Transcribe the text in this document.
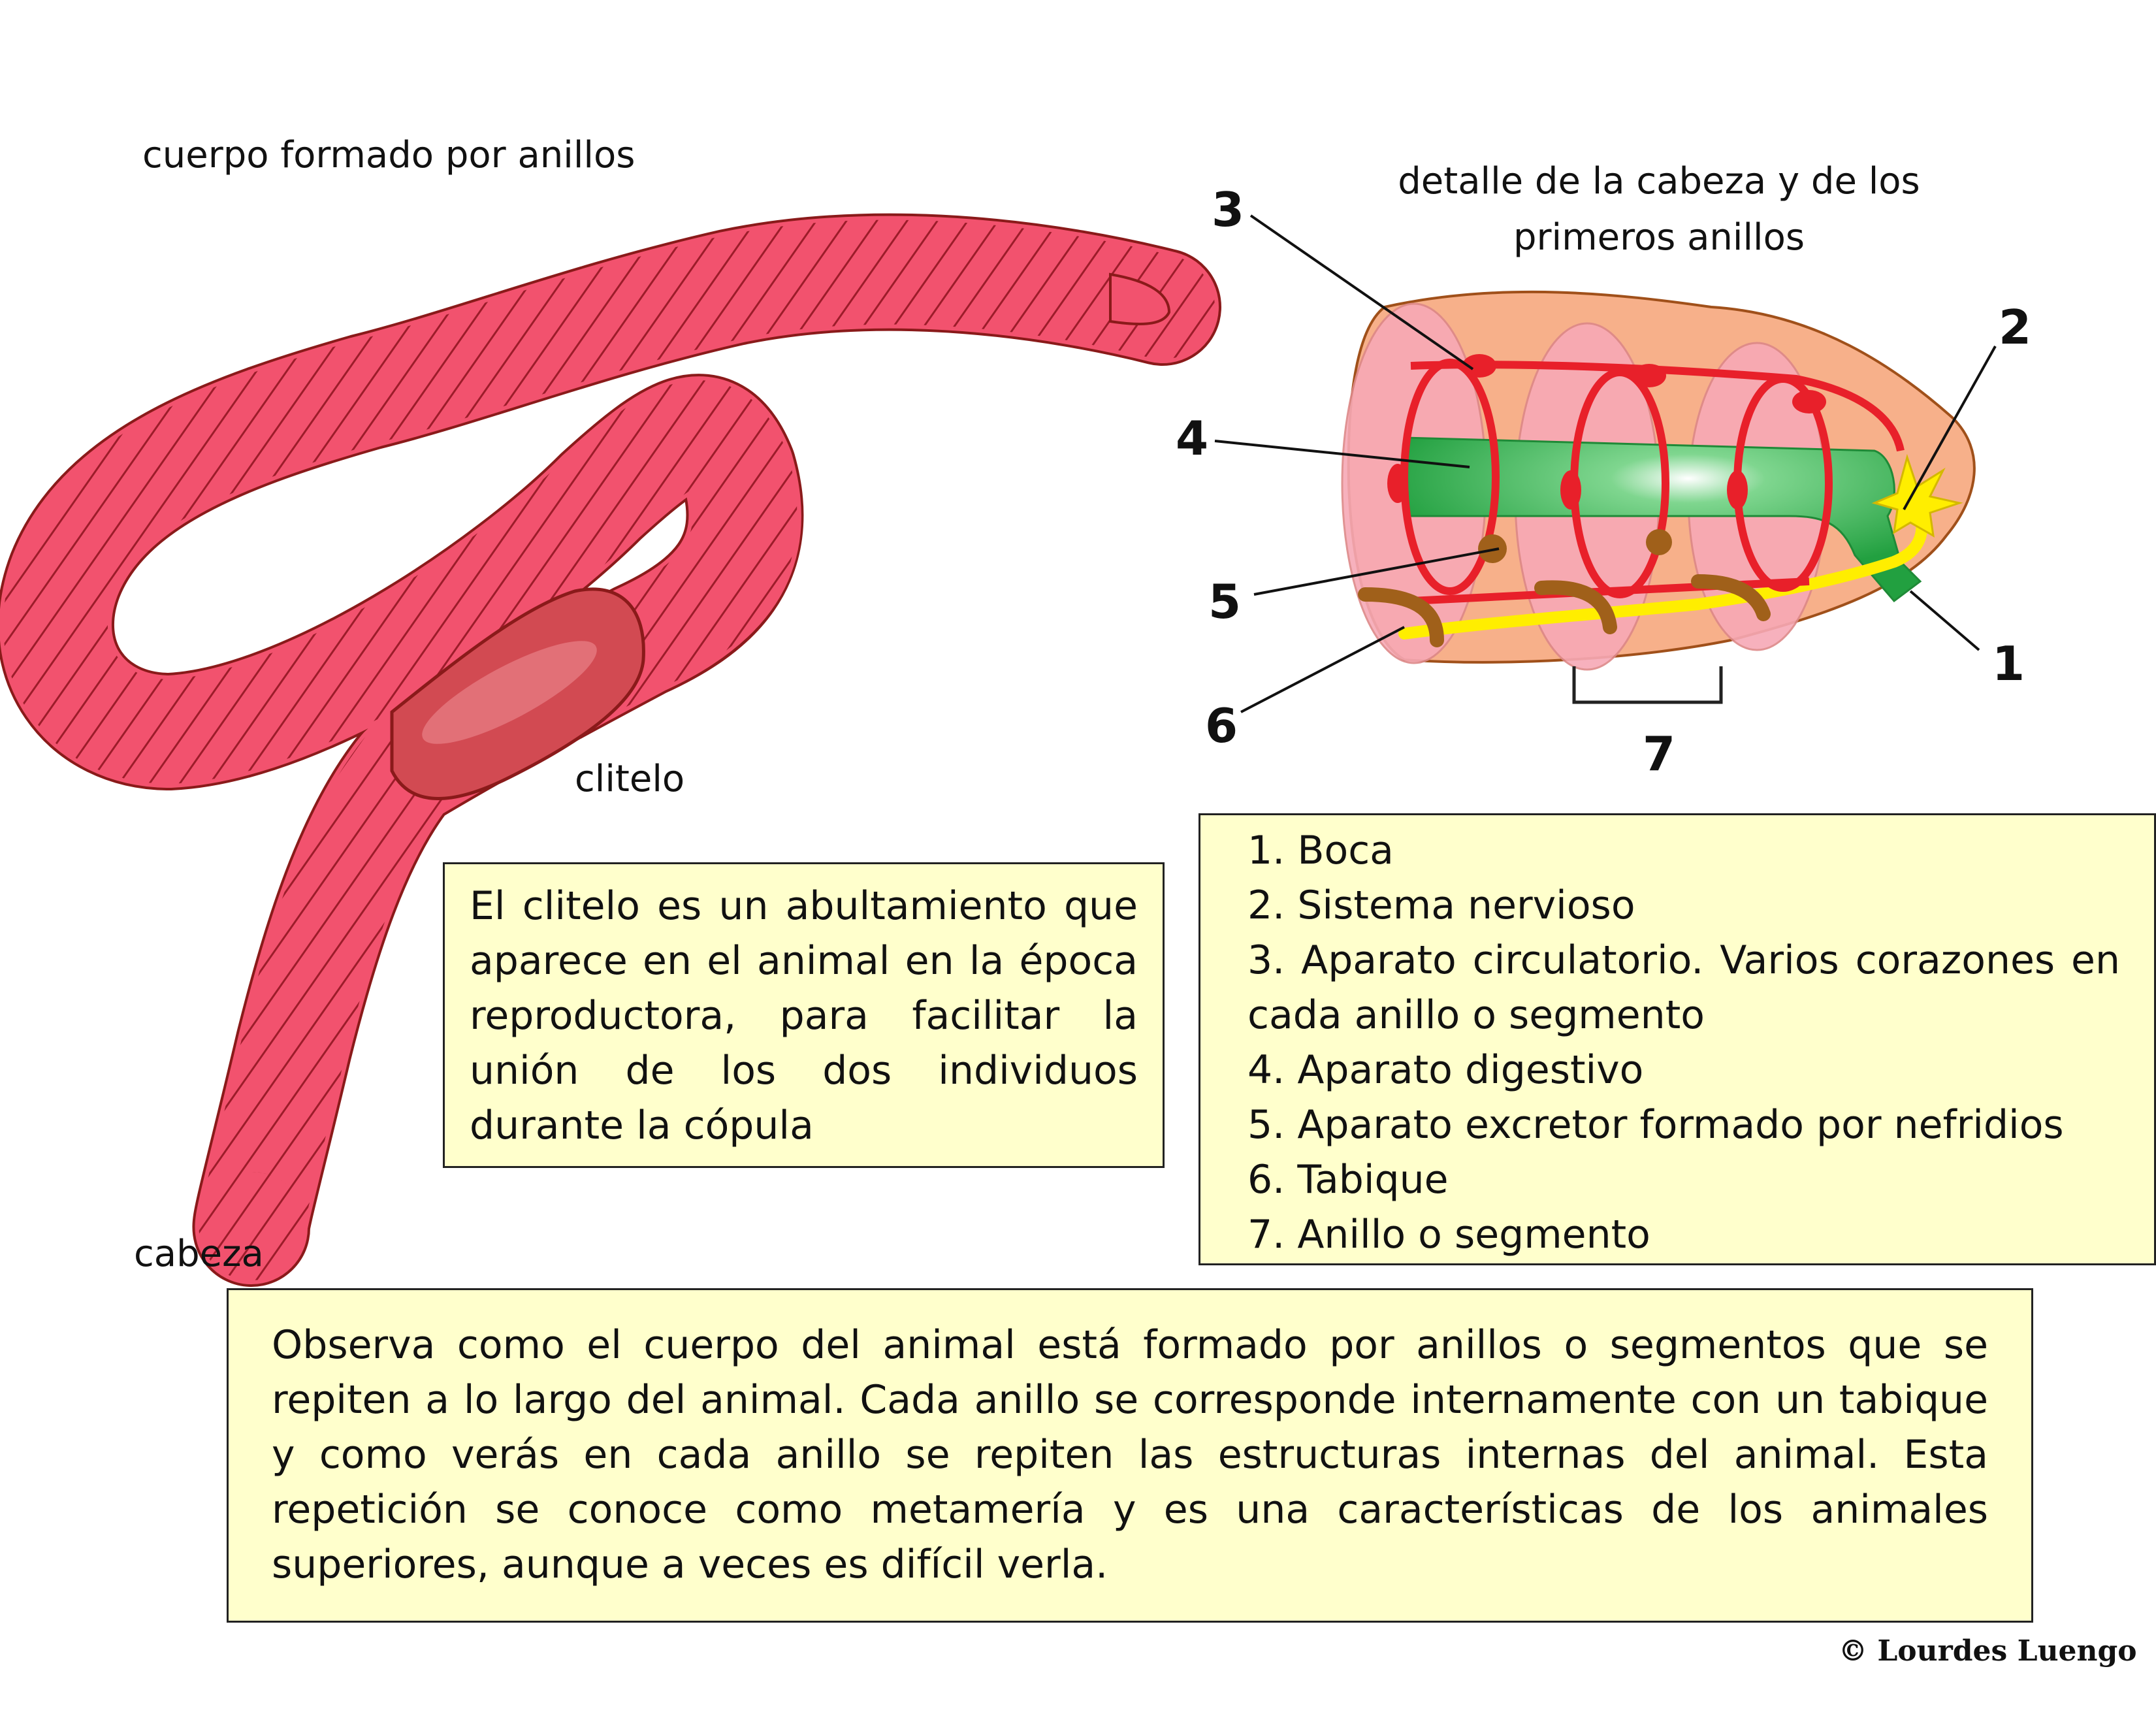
cuerpo formado por anillos
clitelo
cabeza
detalle de la cabeza y de los primeros anillos
3
2
4
5
1
6
7

El clitelo es un abultamiento que aparece en el animal en la época reproductora, para facilitar la unión de los dos individuos durante la cópula

1. Boca
2. Sistema nervioso
3. Aparato circulatorio. Varios corazones en cada anillo o segmento
4. Aparato digestivo
5. Aparato excretor formado por nefridios
6. Tabique
7. Anillo o segmento

Observa como el cuerpo del animal está formado por anillos o segmentos que se repiten a lo largo del animal. Cada anillo se corresponde internamente con un tabique y como verás en cada anillo se repiten las estructuras internas del animal. Esta repetición se conoce como metamería y es una características de los animales superiores, aunque a veces es difícil verla.

© Lourdes Luengo
